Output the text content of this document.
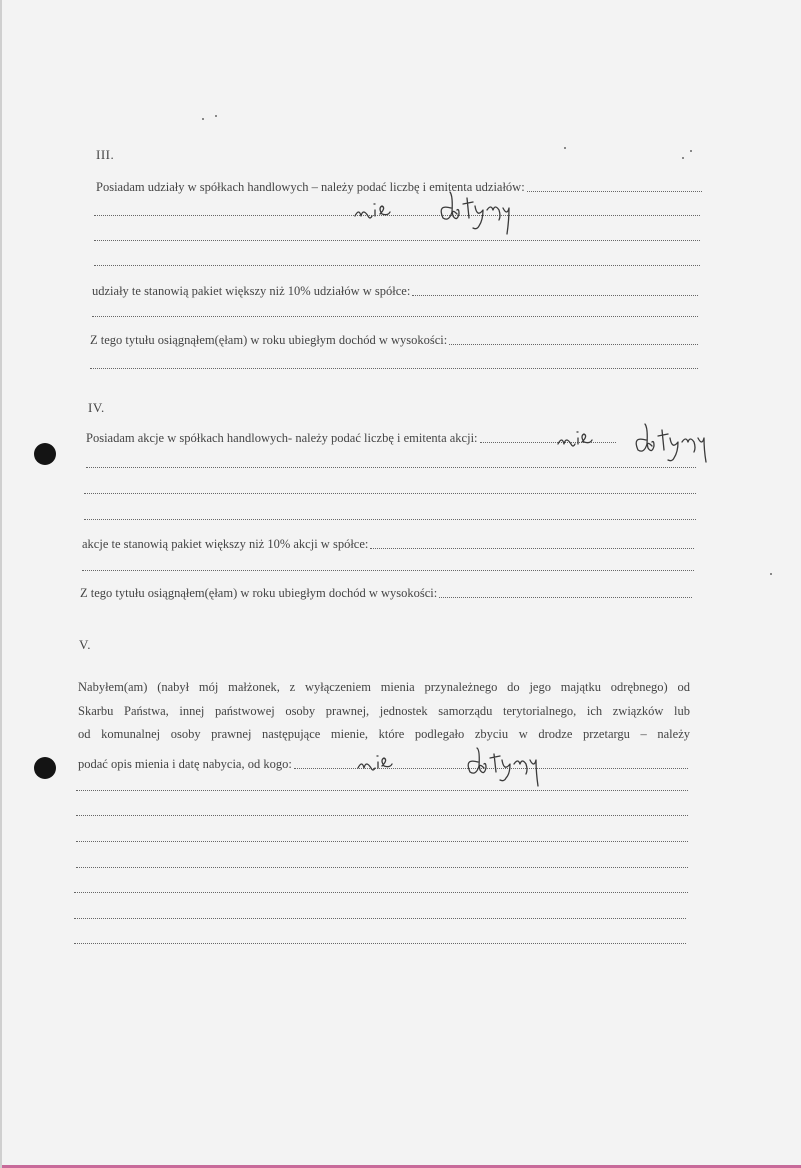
III.
Posiadam udziały w spółkach handlowych – należy podać liczbę i emitenta udziałów:
udziały te stanowią pakiet większy niż 10% udziałów w spółce:
Z tego tytułu osiągnąłem(ęłam) w roku ubiegłym dochód w wysokości:
IV.
Posiadam akcje w spółkach handlowych- należy podać liczbę i emitenta akcji:
akcje te stanowią pakiet większy niż 10% akcji w spółce:
Z tego tytułu osiągnąłem(ęłam) w roku ubiegłym dochód w wysokości:
V.
Nabyłem(am) (nabył mój małżonek, z wyłączeniem mienia przynależnego do jego majątku odrębnego) od
Skarbu Państwa, innej państwowej osoby prawnej, jednostek samorządu terytorialnego, ich związków lub
od komunalnej osoby prawnej następujące mienie, które podlegało zbyciu w drodze przetargu – należy
podać opis mienia i datę nabycia, od kogo:
